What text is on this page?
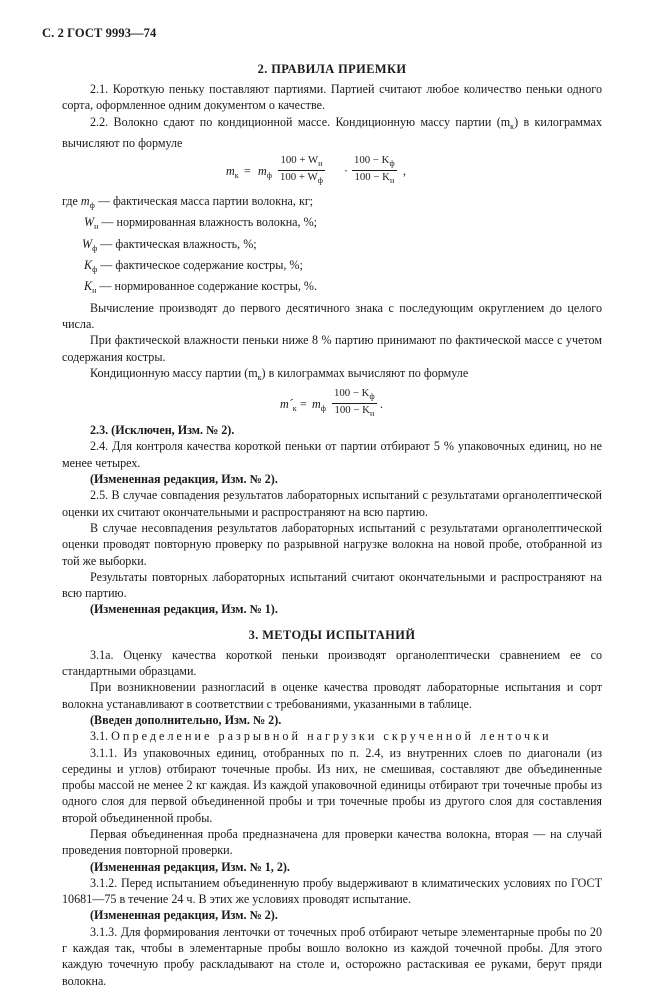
С. 2 ГОСТ 9993—74

2. ПРАВИЛА ПРИЕМКИ

2.1. Короткую пеньку поставляют партиями. Партией считают любое количество пеньки одного сорта, оформленное одним документом о качестве.

2.2. Волокно сдают по кондиционной массе. Кондиционную массу партии $(m_к)$ в килограммах вычисляют по формуле

$m_к = m_ф$
$100 + W_н$
$100 + W_ф$
·
$100 - K_ф$
$100 - K_н$
,

где $m_ф$ — фактическая масса партии волокна, кг;

$W_н$ — нормированная влажность волокна, %;

$W_ф$ — фактическая влажность, %;

$K_ф$ — фактическое содержание костры, %;

$K_н$ — нормированное содержание костры, %.

Вычисление производят до первого десятичного знака с последующим округлением до целого числа.

При фактической влажности пеньки ниже 8 % партию принимают по фактической массе с учетом содержания костры.

Кондиционную массу партии $(m_к)$ в килограммах вычисляют по формуле

$m´_к = m_ф$
$100 - K_ф$
$100 - K_н$
.

2.3. (Исключен, Изм. № 2).

2.4. Для контроля качества короткой пеньки от партии отбирают 5 % упаковочных единиц, но не менее четырех.

(Измененная редакция, Изм. № 2).

2.5. В случае совпадения результатов лабораторных испытаний с результатами органолептической оценки их считают окончательными и распространяют на всю партию.

В случае несовпадения результатов лабораторных испытаний с результатами органолептической оценки проводят повторную проверку по разрывной нагрузке волокна на новой пробе, отобранной из той же выборки.

Результаты повторных лабораторных испытаний считают окончательными и распространяют на всю партию.

(Измененная редакция, Изм. № 1).

3. МЕТОДЫ ИСПЫТАНИЙ

3.1а. Оценку качества короткой пеньки производят органолептически сравнением ее со стандартными образцами.

При возникновении разногласий в оценке качества проводят лабораторные испытания и сорт волокна устанавливают в соответствии с требованиями, указанными в таблице.

(Введен дополнительно, Изм. № 2).

3.1. Определение разрывной нагрузки скрученной ленточки

3.1.1. Из упаковочных единиц, отобранных по п. 2.4, из внутренних слоев по диагонали (из середины и углов) отбирают точечные пробы. Из них, не смешивая, составляют две объединенные пробы массой не менее 2 кг каждая. Из каждой упаковочной единицы отбирают три точечные пробы из одного слоя для первой объединенной пробы и три точечные пробы из другого слоя для составления второй объединенной пробы.

Первая объединенная проба предназначена для проверки качества волокна, вторая — на случай проведения повторной проверки.

(Измененная редакция, Изм. № 1, 2).

3.1.2. Перед испытанием объединенную пробу выдерживают в климатических условиях по ГОСТ 10681—75 в течение 24 ч. В этих же условиях проводят испытание.

(Измененная редакция, Изм. № 2).

3.1.3. Для формирования ленточки от точечных проб отбирают четыре элементарные пробы по 20 г каждая так, чтобы в элементарные пробы вошло волокно из каждой точечной пробы. Для этого каждую точечную пробу раскладывают на столе и, осторожно растаскивая ее руками, берут пряди волокна.
